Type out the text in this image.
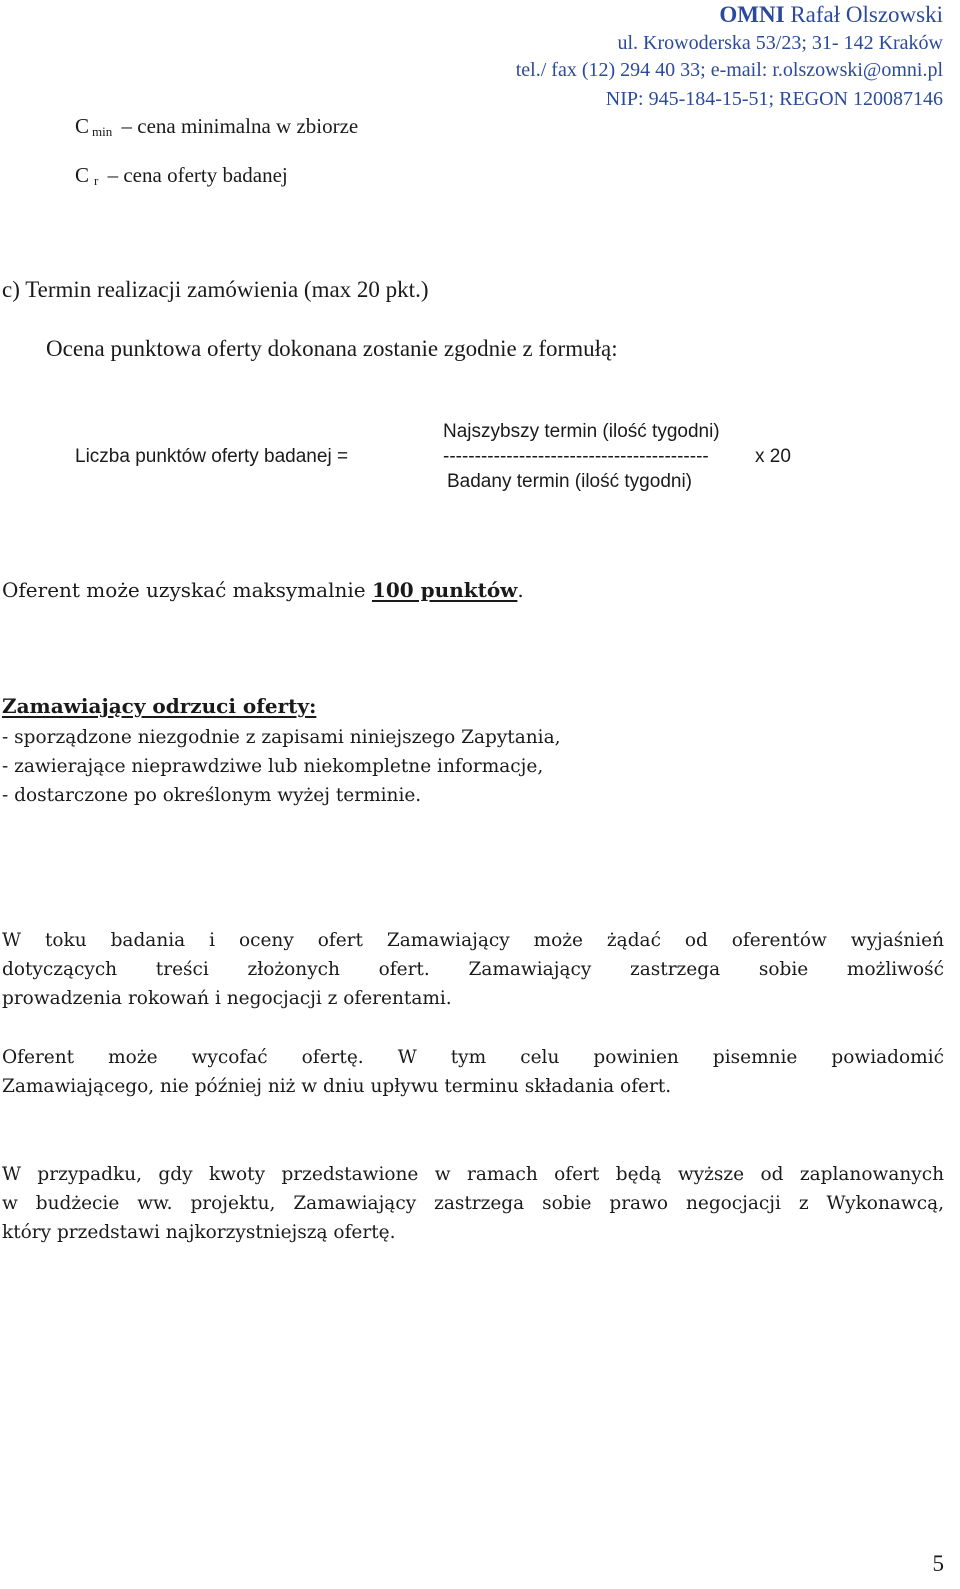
OMNI Rafał Olszowski
ul. Krowoderska 53/23; 31- 142 Kraków
tel./ fax (12) 294 40 33; e-mail: r.olszowski@omni.pl
NIP: 945-184-15-51; REGON 120087146
Cmin – cena minimalna w zbiorze
Cr – cena oferty badanej
c) Termin realizacji zamówienia (max 20 pkt.)
Ocena punktowa oferty dokonana zostanie zgodnie z formułą:
Najszybszy termin (ilość tygodni)
Liczba punktów oferty badanej =	------------------------------------------ x 20
Badany termin (ilość tygodni)
Oferent może uzyskać maksymalnie 100 punktów.
Zamawiający odrzuci oferty:
- sporządzone niezgodnie z zapisami niniejszego Zapytania,
- zawierające nieprawdziwe lub niekompletne informacje,
- dostarczone po określonym wyżej terminie.
W toku badania i oceny ofert Zamawiający może żądać od oferentów wyjaśnień
dotyczących treści złożonych ofert. Zamawiający zastrzega sobie możliwość
prowadzenia rokowań i negocjacji z oferentami.
Oferent może wycofać ofertę. W tym celu powinien pisemnie powiadomić
Zamawiającego, nie później niż w dniu upływu terminu składania ofert.
W przypadku, gdy kwoty przedstawione w ramach ofert będą wyższe od zaplanowanych
w budżecie ww. projektu, Zamawiający zastrzega sobie prawo negocjacji z Wykonawcą,
który przedstawi najkorzystniejszą ofertę.
5
